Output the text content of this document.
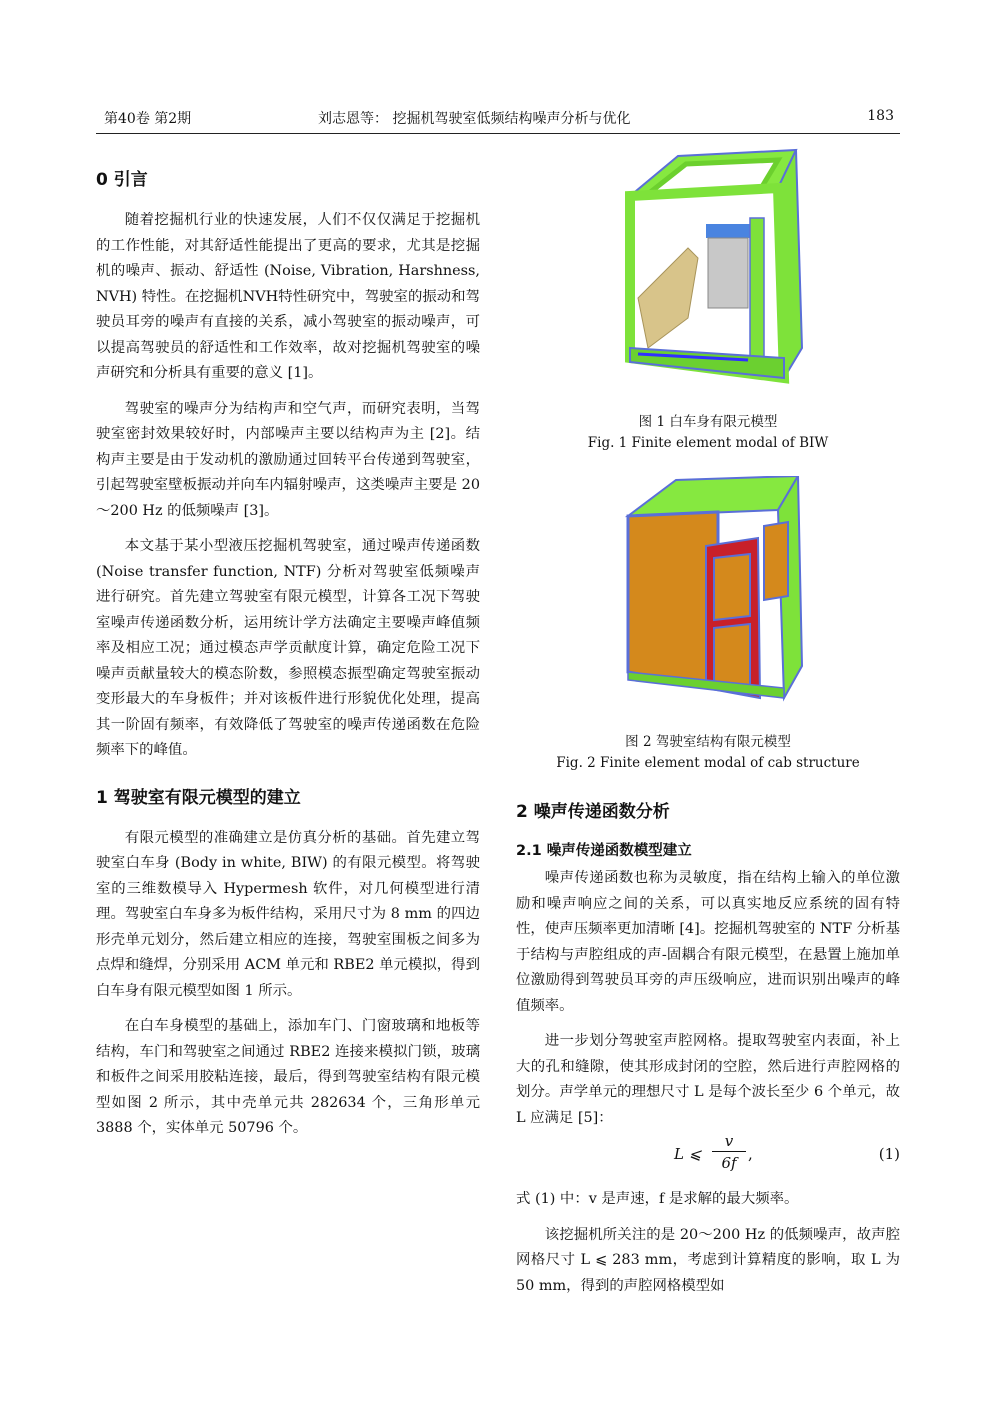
第40卷 第2期	刘志恩等： 挖掘机驾驶室低频结构噪声分析与优化	183
0 引言

随着挖掘机行业的快速发展，人们不仅仅满足于挖掘机的工作性能，对其舒适性能提出了更高的要求，尤其是挖掘机的噪声、振动、舒适性 (Noise, Vibration, Harshness, NVH) 特性。在挖掘机NVH特性研究中，驾驶室的振动和驾驶员耳旁的噪声有直接的关系，减小驾驶室的振动噪声，可以提高驾驶员的舒适性和工作效率，故对挖掘机驾驶室的噪声研究和分析具有重要的意义 [1]。

驾驶室的噪声分为结构声和空气声，而研究表明，当驾驶室密封效果较好时，内部噪声主要以结构声为主 [2]。结构声主要是由于发动机的激励通过回转平台传递到驾驶室，引起驾驶室壁板振动并向车内辐射噪声，这类噪声主要是 20～200 Hz 的低频噪声 [3]。

本文基于某小型液压挖掘机驾驶室，通过噪声传递函数 (Noise transfer function, NTF) 分析对驾驶室低频噪声进行研究。首先建立驾驶室有限元模型，计算各工况下驾驶室噪声传递函数分析，运用统计学方法确定主要噪声峰值频率及相应工况；通过模态声学贡献度计算，确定危险工况下噪声贡献量较大的模态阶数，参照模态振型确定驾驶室振动变形最大的车身板件；并对该板件进行形貌优化处理，提高其一阶固有频率，有效降低了驾驶室的噪声传递函数在危险频率下的峰值。

1 驾驶室有限元模型的建立

有限元模型的准确建立是仿真分析的基础。首先建立驾驶室白车身 (Body in white, BIW) 的有限元模型。将驾驶室的三维数模导入 Hypermesh 软件，对几何模型进行清理。驾驶室白车身多为板件结构，采用尺寸为 8 mm 的四边形壳单元划分，然后建立相应的连接，驾驶室围板之间多为点焊和缝焊，分别采用 ACM 单元和 RBE2 单元模拟，得到白车身有限元模型如图 1 所示。

在白车身模型的基础上，添加车门、门窗玻璃和地板等结构，车门和驾驶室之间通过 RBE2 连接来模拟门锁，玻璃和板件之间采用胶粘连接，最后，得到驾驶室结构有限元模型如图 2 所示，其中壳单元共 282634 个，三角形单元 3888 个，实体单元 50796 个。

图 1 白车身有限元模型
Fig. 1 Finite element modal of BIW
图 2 驾驶室结构有限元模型
Fig. 2 Finite element modal of cab structure
2 噪声传递函数分析
2.1 噪声传递函数模型建立

噪声传递函数也称为灵敏度，指在结构上输入的单位激励和噪声响应之间的关系，可以真实地反应系统的固有特性，使声压频率更加清晰 [4]。挖掘机驾驶室的 NTF 分析基于结构与声腔组成的声-固耦合有限元模型，在悬置上施加单位激励得到驾驶员耳旁的声压级响应，进而识别出噪声的峰值频率。

进一步划分驾驶室声腔网格。提取驾驶室内表面，补上大的孔和缝隙，使其形成封闭的空腔，然后进行声腔网格的划分。声学单元的理想尺寸 L 是每个波长至少 6 个单元，故 L 应满足 [5]：

L ⩽ $\frac{v}{6f}$ ,	(1)

式 (1) 中：v 是声速，f 是求解的最大频率。

该挖掘机所关注的是 20～200 Hz 的低频噪声，故声腔网格尺寸 L ⩽ 283 mm，考虑到计算精度的影响，取 L 为 50 mm，得到的声腔网格模型如
